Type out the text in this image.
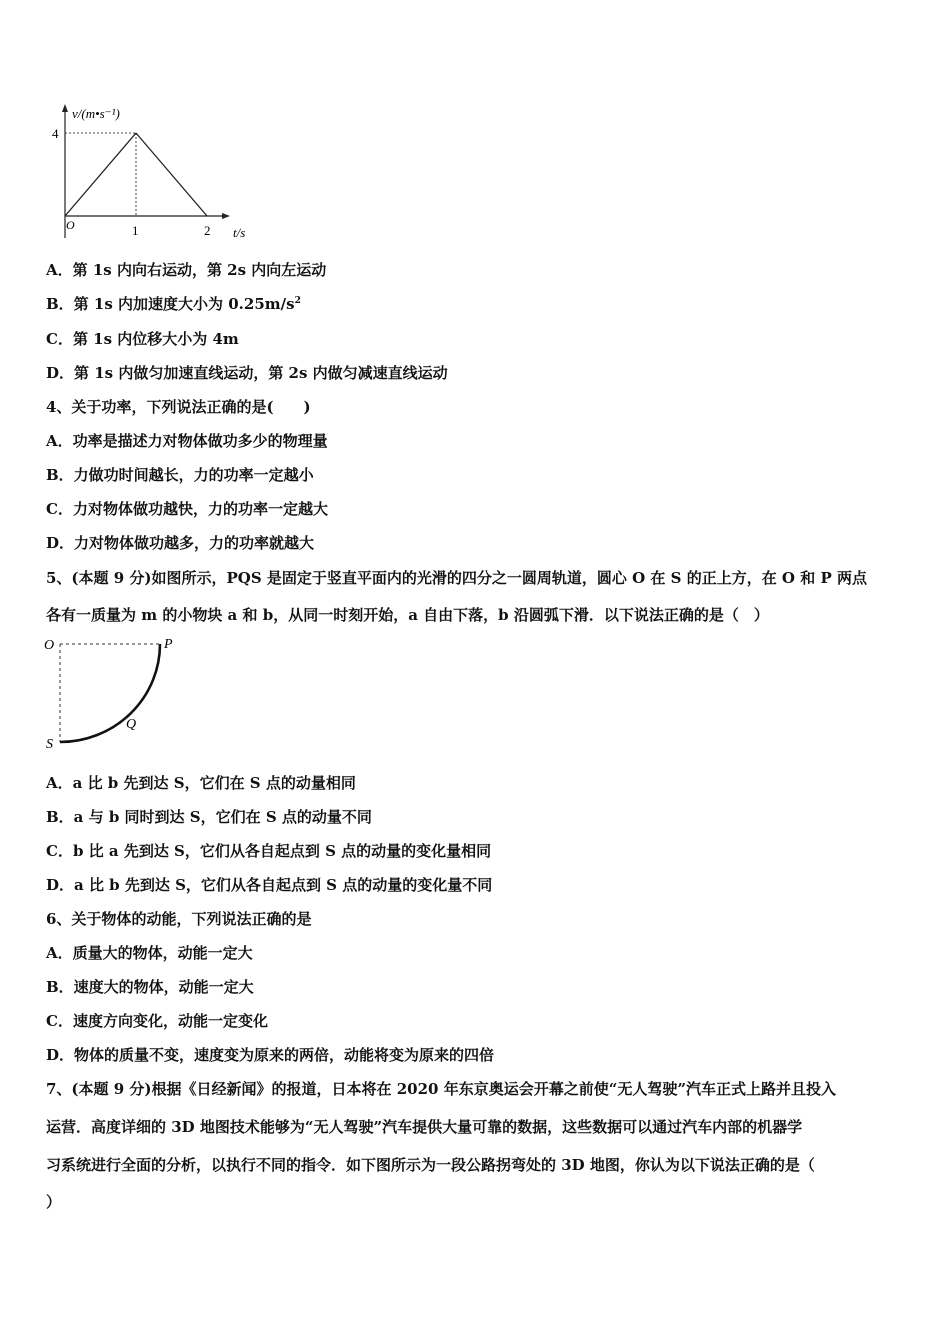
v/(m•s⁻¹)
4
O	1	2 t/s
A．第 1s 内向右运动，第 2s 内向左运动
B．第 1s 内加速度大小为 $0.25m/s^2$
C．第 1s 内位移大小为 4m
D．第 1s 内做匀加速直线运动，第 2s 内做匀减速直线运动
4、关于功率，下列说法正确的是(　　)
A．功率是描述力对物体做功多少的物理量
B．力做功时间越长，力的功率一定越小
C．力对物体做功越快，力的功率一定越大
D．力对物体做功越多，力的功率就越大
5、(本题 9 分)如图所示，PQS 是固定于竖直平面内的光滑的四分之一圆周轨道，圆心 O 在 S 的正上方，在 O 和 P 两点
各有一质量为 m 的小物块 a 和 b，从同一时刻开始，a 自由下落，b 沿圆弧下滑．以下说法正确的是（　）
O	P
Q
S
A．a 比 b 先到达 S，它们在 S 点的动量相同
B．a 与 b 同时到达 S，它们在 S 点的动量不同
C．b 比 a 先到达 S，它们从各自起点到 S 点的动量的变化量相同
D．a 比 b 先到达 S，它们从各自起点到 S 点的动量的变化量不同
6、关于物体的动能，下列说法正确的是
A．质量大的物体，动能一定大
B．速度大的物体，动能一定大
C．速度方向变化，动能一定变化
D．物体的质量不变，速度变为原来的两倍，动能将变为原来的四倍
7、(本题 9 分)根据《日经新闻》的报道，日本将在 2020 年东京奥运会开幕之前使“无人驾驶”汽车正式上路并且投入
运营．高度详细的 3D 地图技术能够为“无人驾驶”汽车提供大量可靠的数据，这些数据可以通过汽车内部的机器学
习系统进行全面的分析，以执行不同的指令．如下图所示为一段公路拐弯处的 3D 地图，你认为以下说法正确的是（
）
